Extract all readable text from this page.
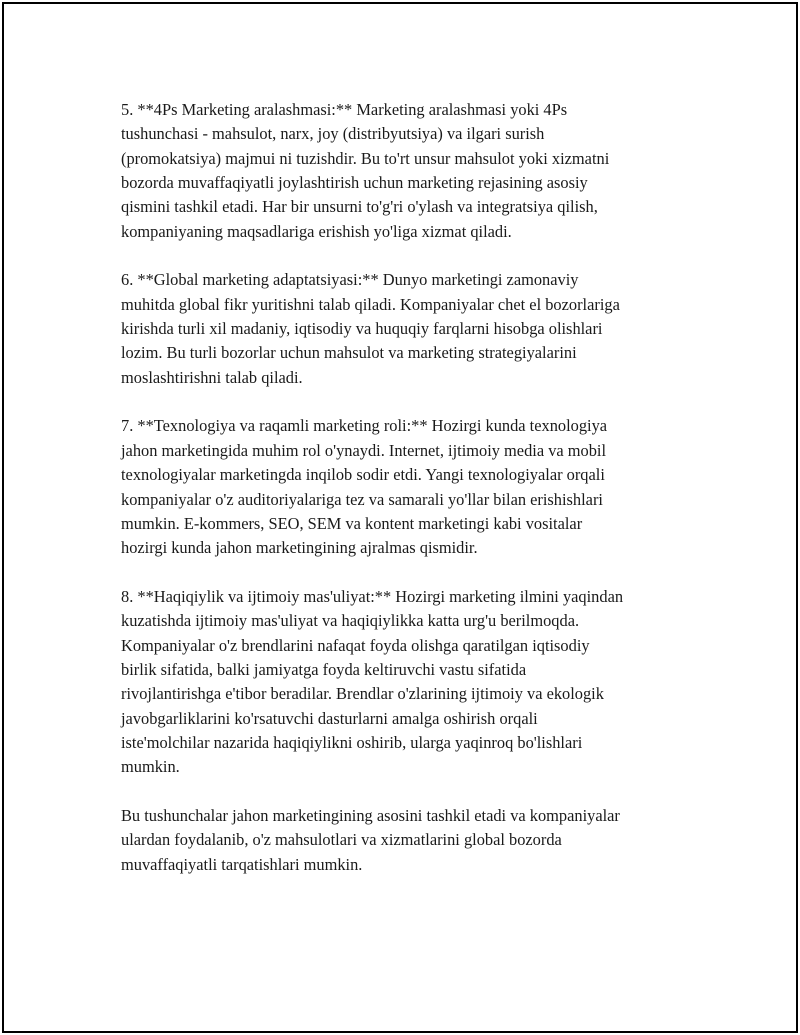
5. **4Ps Marketing aralashmasi:** Marketing aralashmasi yoki 4Ps
tushunchasi - mahsulot, narx, joy (distribyutsiya) va ilgari surish
(promokatsiya) majmui ni tuzishdir. Bu to'rt unsur mahsulot yoki xizmatni
bozorda muvaffaqiyatli joylashtirish uchun marketing rejasining asosiy
qismini tashkil etadi. Har bir unsurni to'g'ri o'ylash va integratsiya qilish,
kompaniyaning maqsadlariga erishish yo'liga xizmat qiladi.

6. **Global marketing adaptatsiyasi:** Dunyo marketingi zamonaviy
muhitda global fikr yuritishni talab qiladi. Kompaniyalar chet el bozorlariga
kirishda turli xil madaniy, iqtisodiy va huquqiy farqlarni hisobga olishlari
lozim. Bu turli bozorlar uchun mahsulot va marketing strategiyalarini
moslashtirishni talab qiladi.

7. **Texnologiya va raqamli marketing roli:** Hozirgi kunda texnologiya
jahon marketingida muhim rol o'ynaydi. Internet, ijtimoiy media va mobil
texnologiyalar marketingda inqilob sodir etdi. Yangi texnologiyalar orqali
kompaniyalar o'z auditoriyalariga tez va samarali yo'llar bilan erishishlari
mumkin. E-kommers, SEO, SEM va kontent marketingi kabi vositalar
hozirgi kunda jahon marketingining ajralmas qismidir.

8. **Haqiqiylik va ijtimoiy mas'uliyat:** Hozirgi marketing ilmini yaqindan
kuzatishda ijtimoiy mas'uliyat va haqiqiylikka katta urg'u berilmoqda.
Kompaniyalar o'z brendlarini nafaqat foyda olishga qaratilgan iqtisodiy
birlik sifatida, balki jamiyatga foyda keltiruvchi vastu sifatida
rivojlantirishga e'tibor beradilar. Brendlar o'zlarining ijtimoiy va ekologik
javobgarliklarini ko'rsatuvchi dasturlarni amalga oshirish orqali
iste'molchilar nazarida haqiqiylikni oshirib, ularga yaqinroq bo'lishlari
mumkin.

Bu tushunchalar jahon marketingining asosini tashkil etadi va kompaniyalar
ulardan foydalanib, o'z mahsulotlari va xizmatlarini global bozorda
muvaffaqiyatli tarqatishlari mumkin.
